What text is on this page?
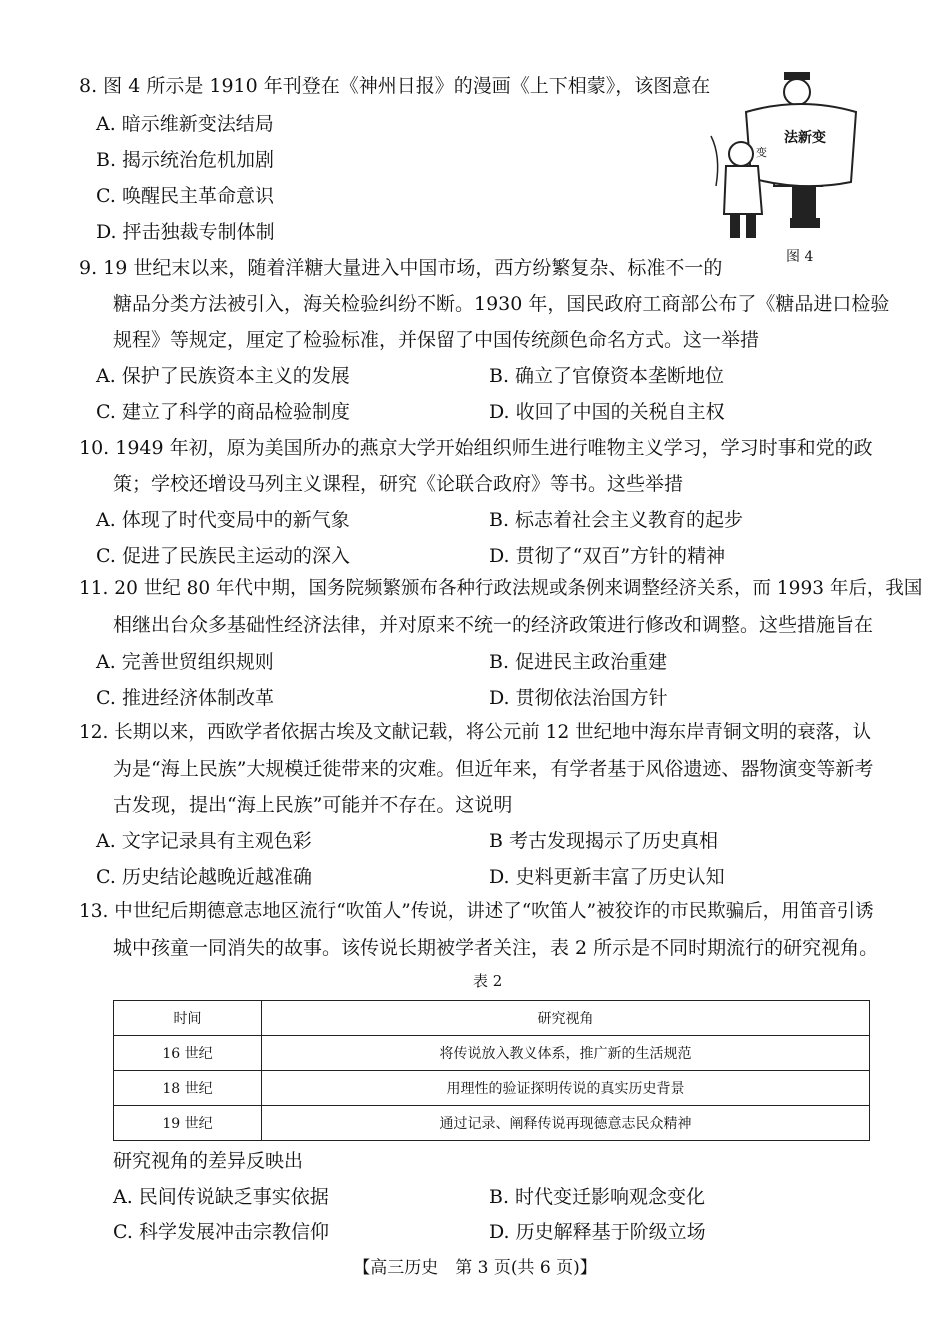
8. 图 4 所示是 1910 年刊登在《神州日报》的漫画《上下相蒙》，该图意在
A. 暗示维新变法结局
B. 揭示统治危机加剧
C. 唤醒民主革命意识
D. 抨击独裁专制体制
法新变
变
图 4
9. 19 世纪末以来，随着洋糖大量进入中国市场，西方纷繁复杂、标准不一的
糖品分类方法被引入，海关检验纠纷不断。1930 年，国民政府工商部公布了《糖品进口检验
规程》等规定，厘定了检验标准，并保留了中国传统颜色命名方式。这一举措
A. 保护了民族资本主义的发展	B. 确立了官僚资本垄断地位
C. 建立了科学的商品检验制度	D. 收回了中国的关税自主权
10. 1949 年初，原为美国所办的燕京大学开始组织师生进行唯物主义学习，学习时事和党的政
策；学校还增设马列主义课程，研究《论联合政府》等书。这些举措
A. 体现了时代变局中的新气象	B. 标志着社会主义教育的起步
C. 促进了民族民主运动的深入	D. 贯彻了“双百”方针的精神
11. 20 世纪 80 年代中期，国务院频繁颁布各种行政法规或条例来调整经济关系，而 1993 年后，我国
相继出台众多基础性经济法律，并对原来不统一的经济政策进行修改和调整。这些措施旨在
A. 完善世贸组织规则	B. 促进民主政治重建
C. 推进经济体制改革	D. 贯彻依法治国方针
12. 长期以来，西欧学者依据古埃及文献记载，将公元前 12 世纪地中海东岸青铜文明的衰落，认
为是“海上民族”大规模迁徙带来的灾难。但近年来，有学者基于风俗遗迹、器物演变等新考
古发现，提出“海上民族”可能并不存在。这说明
A. 文字记录具有主观色彩	B 考古发现揭示了历史真相
C. 历史结论越晚近越准确	D. 史料更新丰富了历史认知
13. 中世纪后期德意志地区流行“吹笛人”传说，讲述了“吹笛人”被狡诈的市民欺骗后，用笛音引诱
城中孩童一同消失的故事。该传说长期被学者关注，表 2 所示是不同时期流行的研究视角。
表 2
时间	研究视角
16 世纪	将传说放入教义体系，推广新的生活规范
18 世纪	用理性的验证探明传说的真实历史背景
19 世纪	通过记录、阐释传说再现德意志民众精神
研究视角的差异反映出
A. 民间传说缺乏事实依据	B. 时代变迁影响观念变化
C. 科学发展冲击宗教信仰	D. 历史解释基于阶级立场
【高三历史　第 3 页(共 6 页)】
